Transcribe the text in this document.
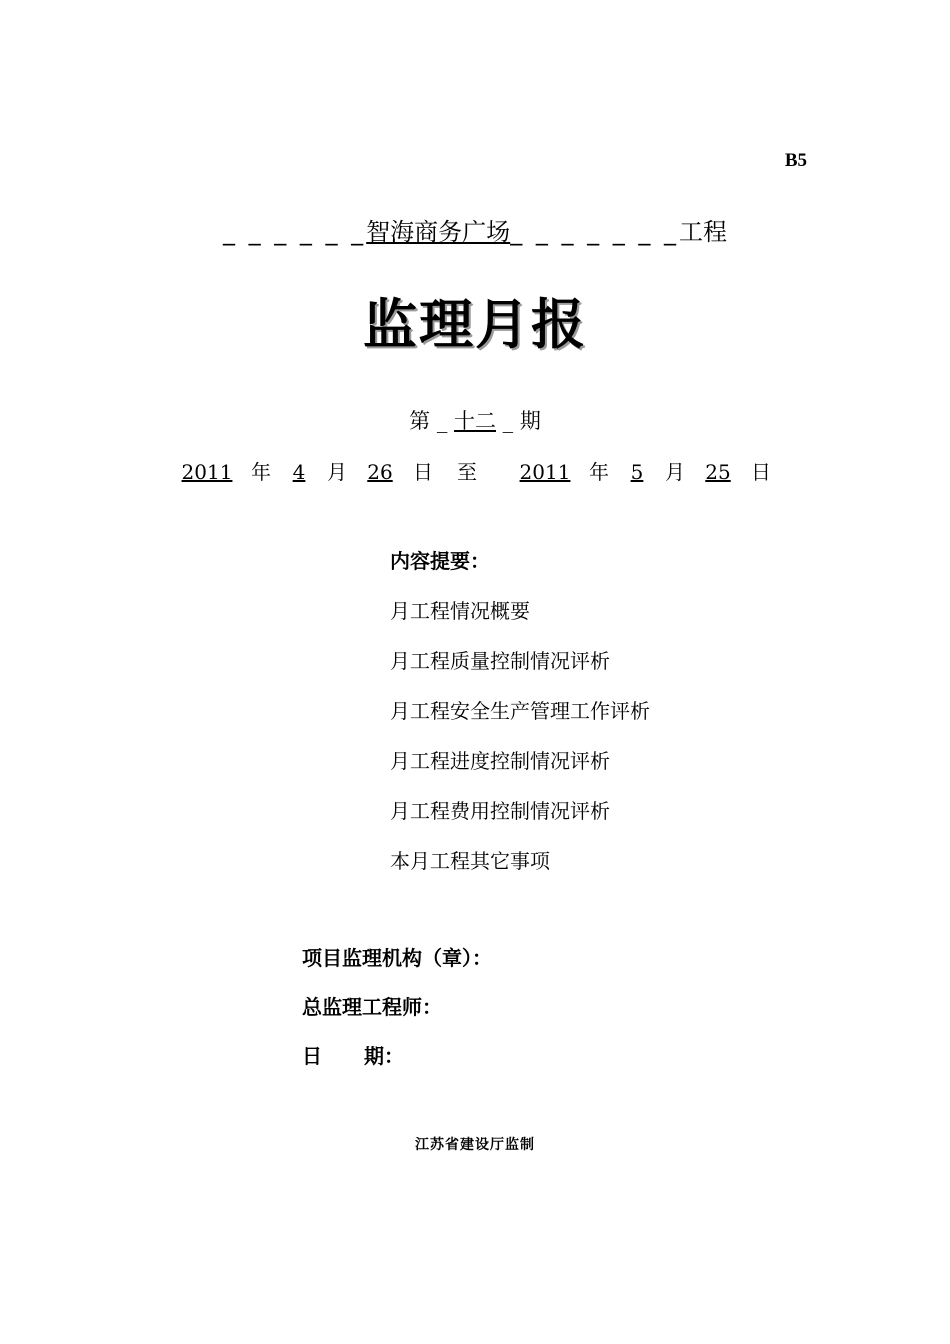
B5
_ _ _ _ _ _智海商务广场_ _ _ _ _ _ _工程
监理月报
第 _ 十二 _ 期
2011 年 4 月 26 日 至 2011 年 5 月 25 日
内容提要：
月工程情况概要
月工程质量控制情况评析
月工程安全生产管理工作评析
月工程进度控制情况评析
月工程费用控制情况评析
本月工程其它事项
项目监理机构（章）：
总监理工程师：
日 期：
江苏省建设厅监制
